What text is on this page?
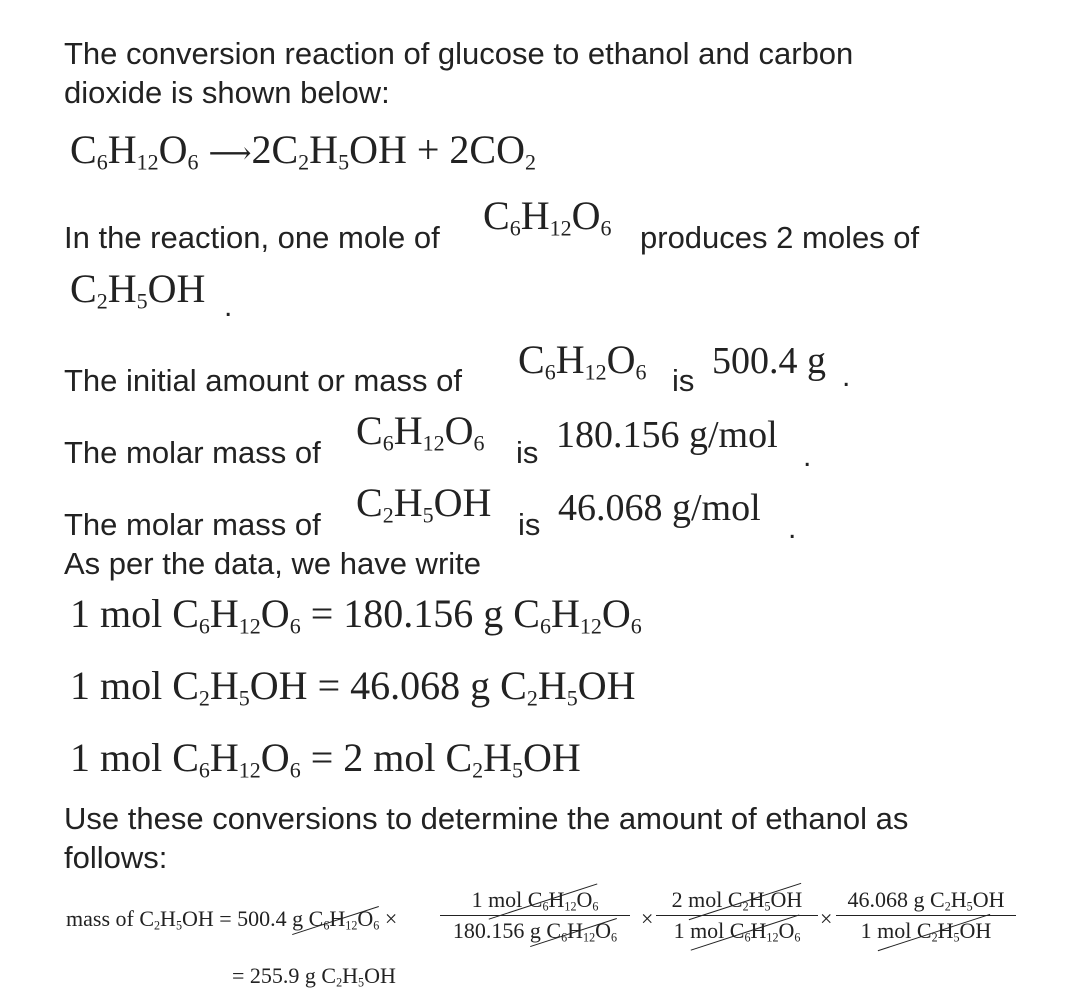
The conversion reaction of glucose to ethanol and carbon
dioxide is shown below:
$C_6H_{12}O_6$ $⟶2C_2H_5OH + 2CO_2$
In the reaction, one mole of $C_6H_{12}O_6$ produces 2 moles of
$C_2H_5OH$ .
The initial amount or mass of $C_6H_{12}O_6$ is 500.4 g .
The molar mass of $C_6H_{12}O_6$ is 180.156 g/mol
.
The molar mass of $C_2H_5OH$ is 46.068 g/mol .
As per the data, we have write
1 mol $C_6H_{12}O_6 = 180.156$ g $C_6H_{12}O_6$
1 mol $C_2H_5OH = 46.068$ g $C_2H_5OH$
1 mol $C_6H_{12}O_6 = 2$ mol $C_2H_5OH$
Use these conversions to determine the amount of ethanol as
follows:
mass of $C_2H_5OH = 500.4$ g $C_6H_{12}O_6$ ×
1 mol $C_6H_{12}O_6$
180.156 g $C_6H_{12}O_6$
×
2 mol $C_2H_5OH$
1 mol $C_6H_{12}O_6$
×
46.068 g $C_2H_5OH$
1 mol $C_2H_5OH$
= 255.9 g $C_2H_5OH$
